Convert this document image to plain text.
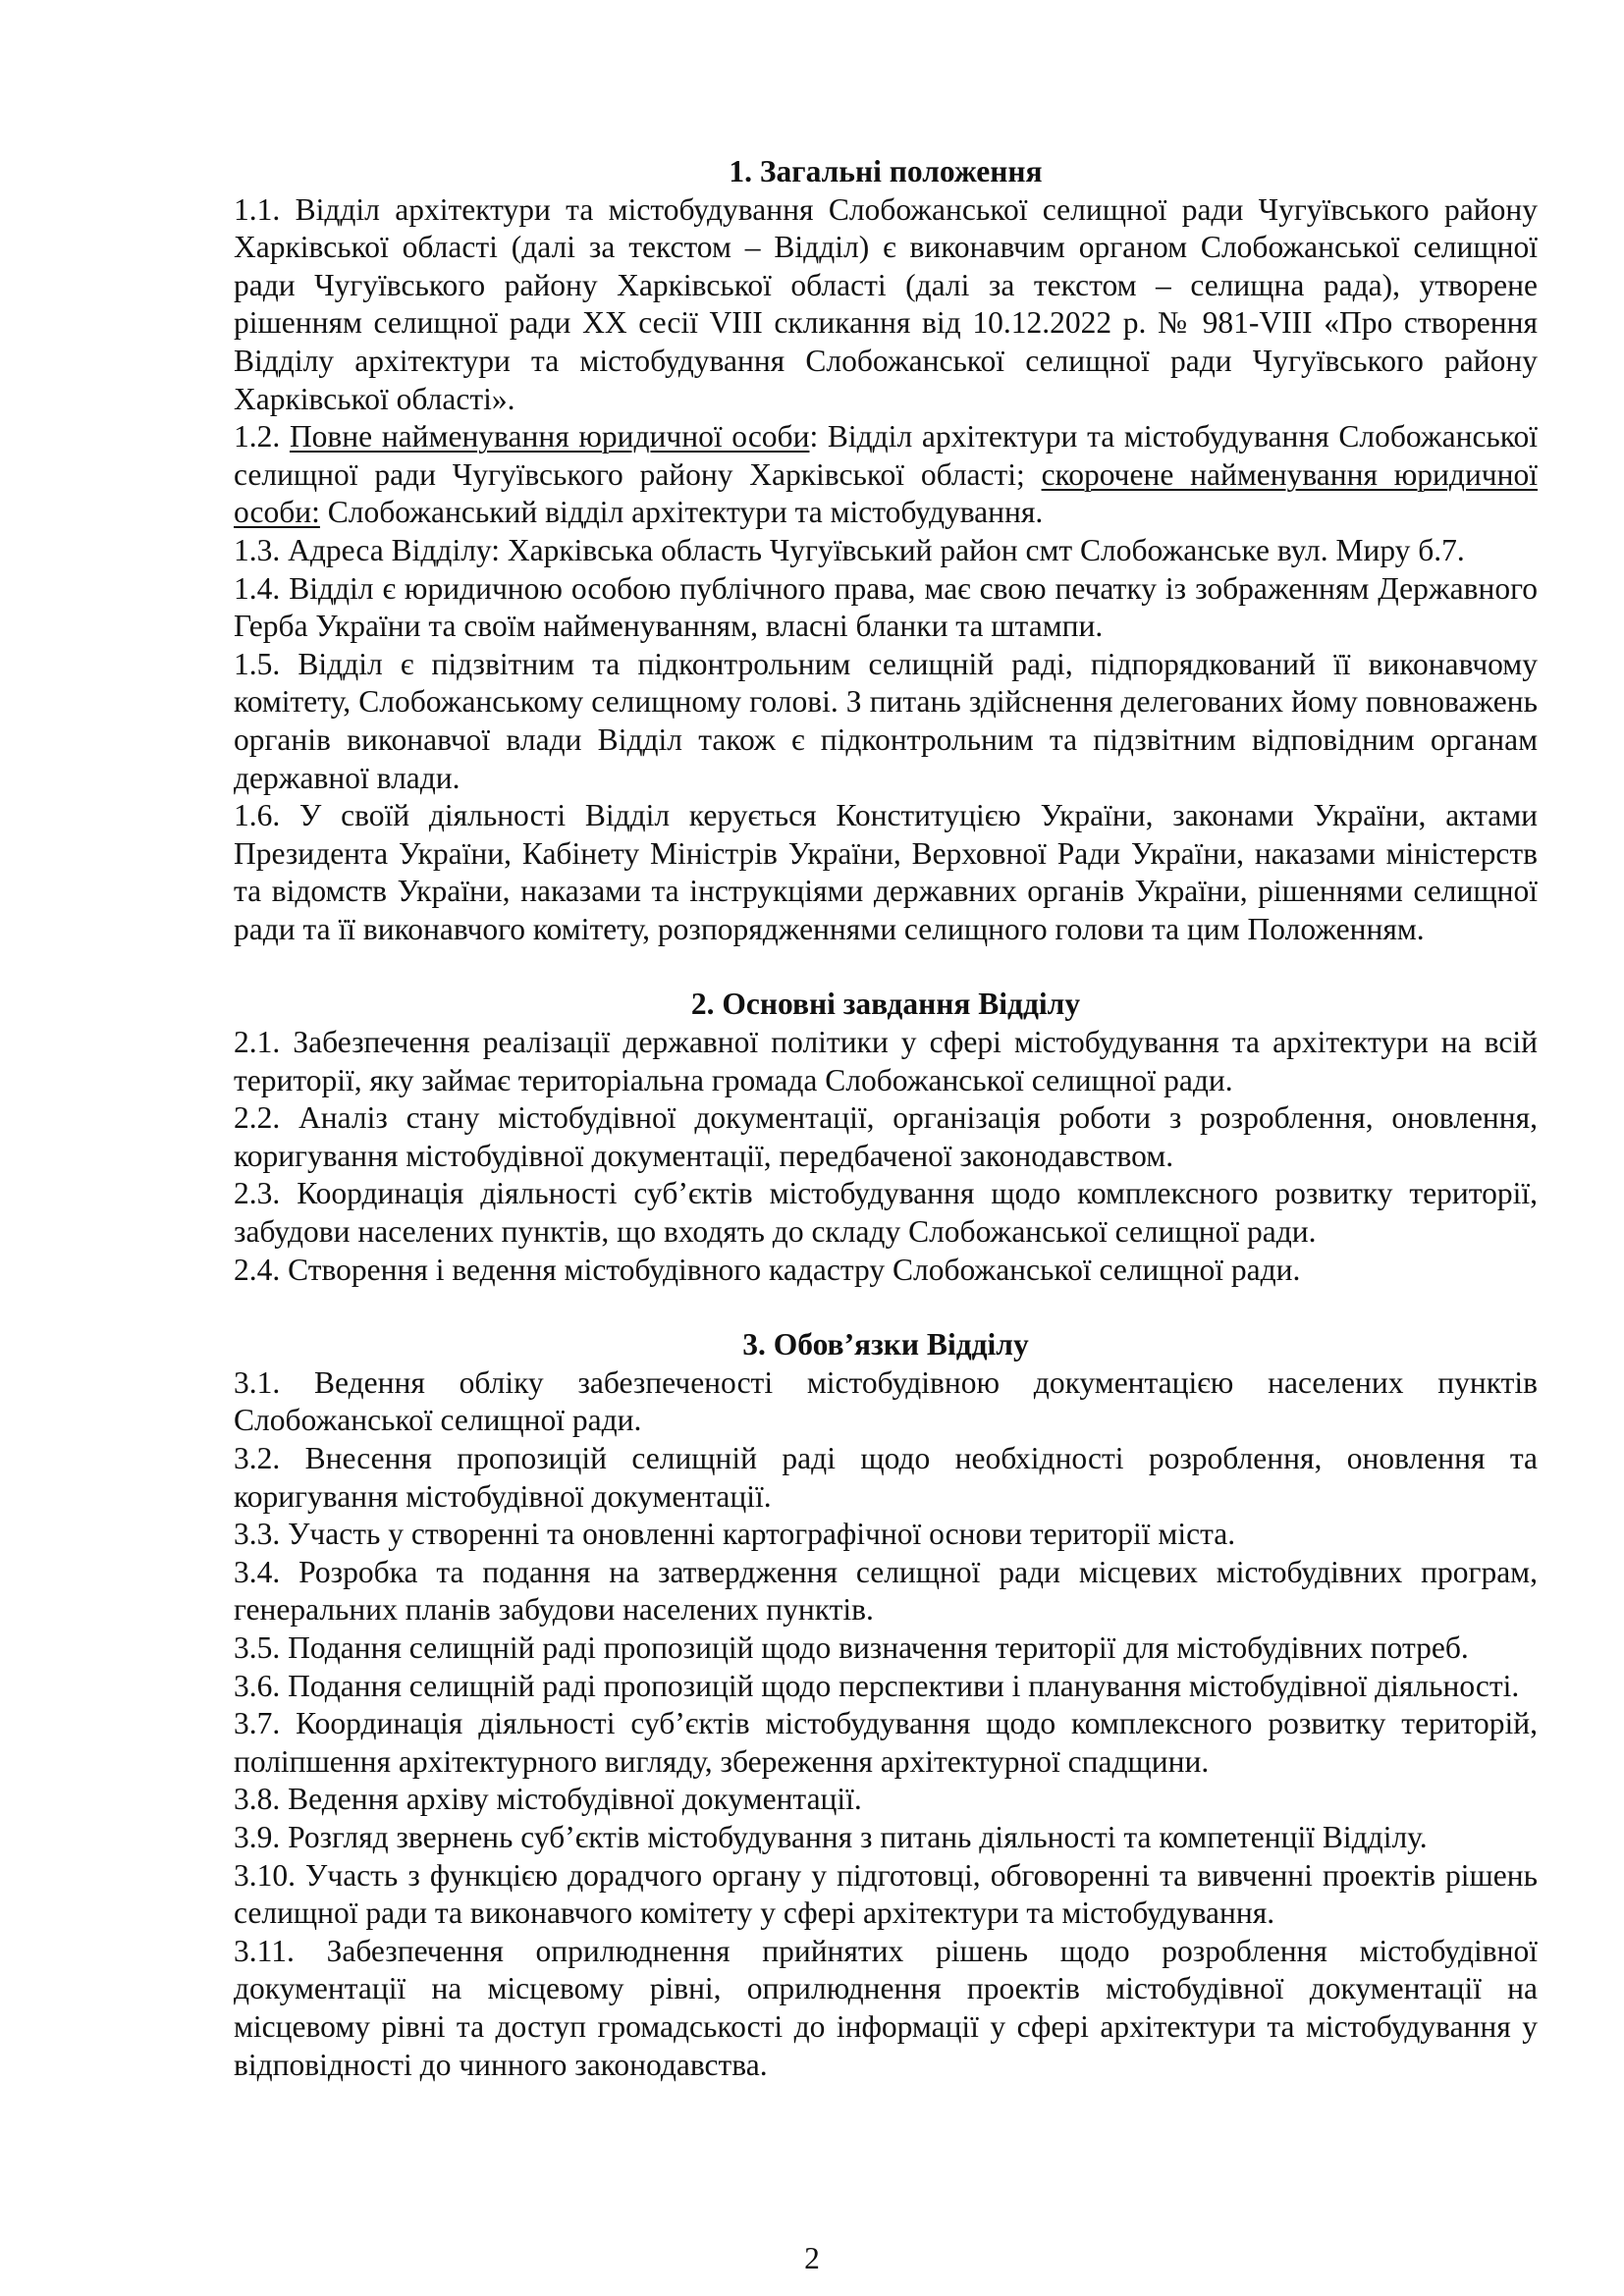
1. Загальні положення

1.1. Відділ архітектури та містобудування Слобожанської селищної ради Чугуївського району Харківської області (далі за текстом – Відділ) є виконавчим органом Слобожанської селищної ради Чугуївського району Харківської області (далі за текстом – селищна рада), утворене рішенням селищної ради XX сесії VIII скликання від 10.12.2022 р. № 981-VIII «Про створення Відділу архітектури та містобудування Слобожанської селищної ради Чугуївського району Харківської області».

1.2. Повне найменування юридичної особи: Відділ архітектури та містобудування Слобожанської селищної ради Чугуївського району Харківської області; скорочене найменування юридичної особи: Слобожанський відділ архітектури та містобудування.

1.3. Адреса Відділу: Харківська область Чугуївський район смт Слобожанське вул. Миру б.7.

1.4. Відділ є юридичною особою публічного права, має свою печатку із зображенням Державного Герба України та своїм найменуванням, власні бланки та штампи.

1.5. Відділ є підзвітним та підконтрольним селищній раді, підпорядкований її виконавчому комітету, Слобожанському селищному голові. З питань здійснення делегованих йому повноважень органів виконавчої влади Відділ також є підконтрольним та підзвітним відповідним органам державної влади.

1.6. У своїй діяльності Відділ керується Конституцією України, законами України, актами Президента України, Кабінету Міністрів України, Верховної Ради України, наказами міністерств та відомств України, наказами та інструкціями державних органів України, рішеннями селищної ради та її виконавчого комітету, розпорядженнями селищного голови та цим Положенням.

2. Основні завдання Відділу

2.1. Забезпечення реалізації державної політики у сфері містобудування та архітектури на всій території, яку займає територіальна громада Слобожанської селищної ради.

2.2. Аналіз стану містобудівної документації, організація роботи з розроблення, оновлення, коригування містобудівної документації, передбаченої законодавством.

2.3. Координація діяльності суб’єктів містобудування щодо комплексного розвитку території, забудови населених пунктів, що входять до складу Слобожанської селищної ради.

2.4. Створення і ведення містобудівного кадастру Слобожанської селищної ради.

3. Обов’язки Відділу

3.1. Ведення обліку забезпеченості містобудівною документацією населених пунктів Слобожанської селищної ради.

3.2. Внесення пропозицій селищній раді щодо необхідності розроблення, оновлення та коригування містобудівної документації.

3.3. Участь у створенні та оновленні картографічної основи території міста.

3.4. Розробка та подання на затвердження селищної ради місцевих містобудівних програм, генеральних планів забудови населених пунктів.

3.5. Подання селищній раді пропозицій щодо визначення території для містобудівних потреб.

3.6. Подання селищній раді пропозицій щодо перспективи і планування містобудівної діяльності.

3.7. Координація діяльності суб’єктів містобудування щодо комплексного розвитку територій, поліпшення архітектурного вигляду, збереження архітектурної спадщини.

3.8. Ведення архіву містобудівної документації.

3.9. Розгляд звернень суб’єктів містобудування з питань діяльності та компетенції Відділу.

3.10. Участь з функцією дорадчого органу у підготовці, обговоренні та вивченні проектів рішень селищної ради та виконавчого комітету у сфері архітектури та містобудування.

3.11. Забезпечення оприлюднення прийнятих рішень щодо розроблення містобудівної документації на місцевому рівні, оприлюднення проектів містобудівної документації на місцевому рівні та доступ громадськості до інформації у сфері архітектури та містобудування у відповідності до чинного законодавства.

2
